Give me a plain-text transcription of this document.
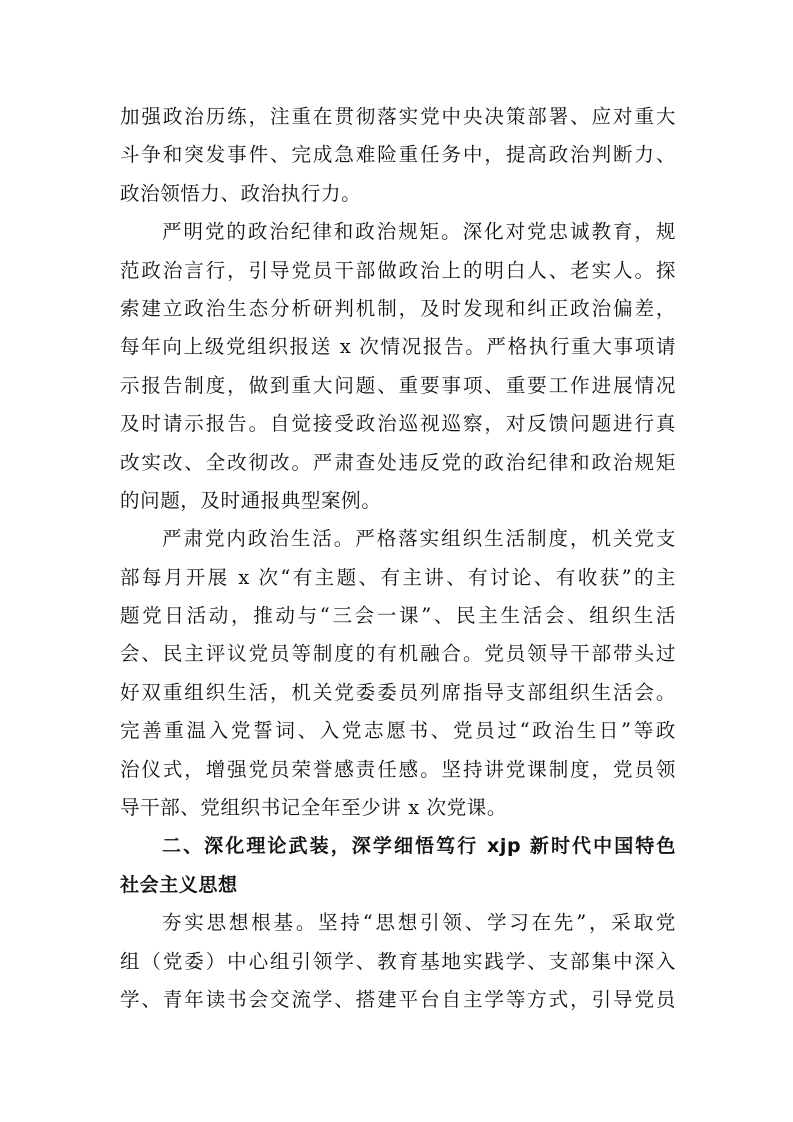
加强政治历练，注重在贯彻落实党中央决策部署、应对重大
斗争和突发事件、完成急难险重任务中，提高政治判断力、
政治领悟力、政治执行力。
严明党的政治纪律和政治规矩。深化对党忠诚教育，规
范政治言行，引导党员干部做政治上的明白人、老实人。探
索建立政治生态分析研判机制，及时发现和纠正政治偏差，
每年向上级党组织报送 x 次情况报告。严格执行重大事项请
示报告制度，做到重大问题、重要事项、重要工作进展情况
及时请示报告。自觉接受政治巡视巡察，对反馈问题进行真
改实改、全改彻改。严肃查处违反党的政治纪律和政治规矩
的问题，及时通报典型案例。
严肃党内政治生活。严格落实组织生活制度，机关党支
部每月开展 x 次“有主题、有主讲、有讨论、有收获”的主
题党日活动，推动与“三会一课”、民主生活会、组织生活
会、民主评议党员等制度的有机融合。党员领导干部带头过
好双重组织生活，机关党委委员列席指导支部组织生活会。
完善重温入党誓词、入党志愿书、党员过“政治生日”等政
治仪式，增强党员荣誉感责任感。坚持讲党课制度，党员领
导干部、党组织书记全年至少讲 x 次党课。
二、深化理论武装，深学细悟笃行 xjp 新时代中国特色
社会主义思想
夯实思想根基。坚持“思想引领、学习在先”，采取党
组（党委）中心组引领学、教育基地实践学、支部集中深入
学、青年读书会交流学、搭建平台自主学等方式，引导党员
